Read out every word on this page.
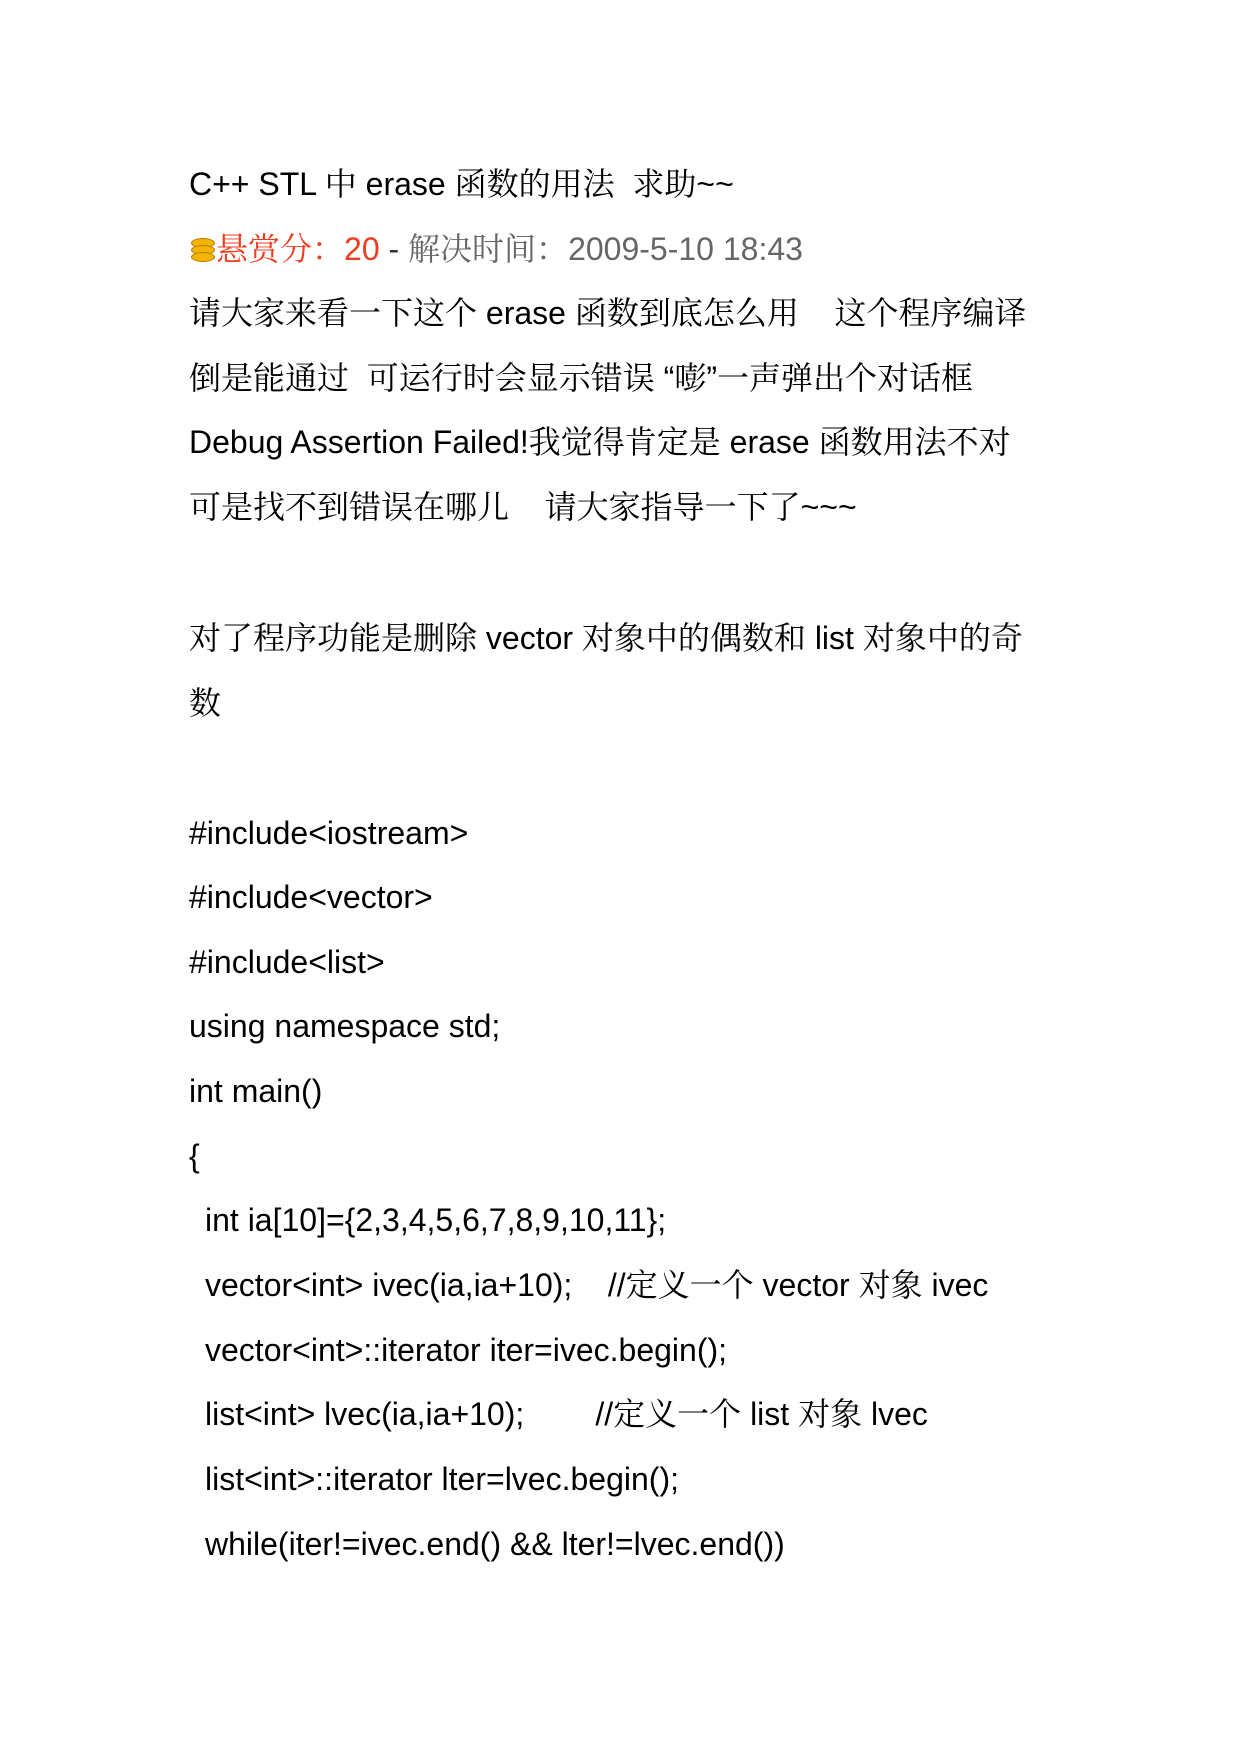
C++ STL 中 erase 函数的用法  求助~~
悬赏分：20 - 解决时间：2009-5-10 18:43
请大家来看一下这个 erase 函数到底怎么用    这个程序编译
倒是能通过  可运行时会显示错误 “嘭”一声弹出个对话框
Debug Assertion Failed!我觉得肯定是 erase 函数用法不对
可是找不到错误在哪儿    请大家指导一下了~~~
对了程序功能是删除 vector 对象中的偶数和 list 对象中的奇
数
#include<iostream>
#include<vector>
#include<list>
using namespace std;
int main()
{
int ia[10]={2,3,4,5,6,7,8,9,10,11};
vector<int> ivec(ia,ia+10);    //定义一个 vector 对象 ivec
vector<int>::iterator iter=ivec.begin();
list<int> lvec(ia,ia+10);        //定义一个 list 对象 lvec
list<int>::iterator lter=lvec.begin();
while(iter!=ivec.end() && lter!=lvec.end())
